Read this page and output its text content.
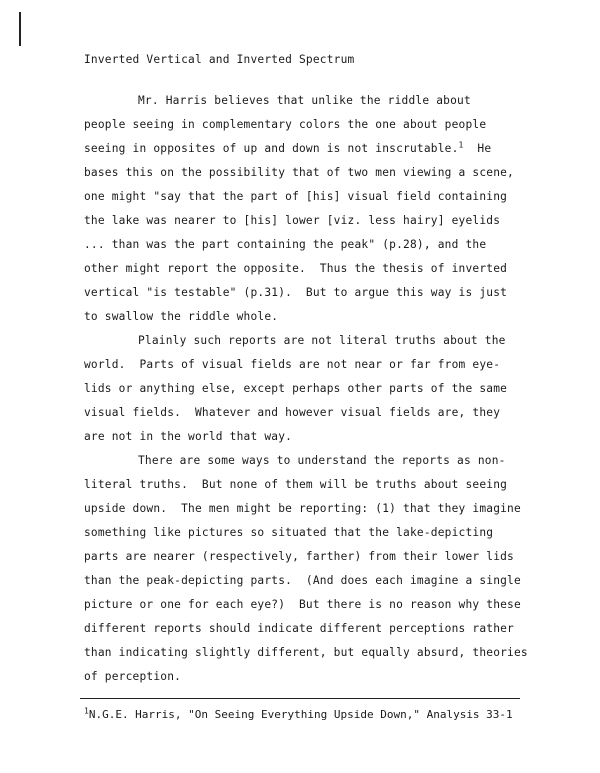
Inverted Vertical and Inverted Spectrum
Mr. Harris believes that unlike the riddle about
people seeing in complementary colors the one about people
seeing in opposites of up and down is not inscrutable.$^1$ He
bases this on the possibility that of two men viewing a scene,
one might "say that the part of [his] visual field containing
the lake was nearer to [his] lower [viz. less hairy] eyelids
... than was the part containing the peak" (p.28), and the
other might report the opposite.  Thus the thesis of inverted
vertical "is testable" (p.31).  But to argue this way is just
to swallow the riddle whole.
Plainly such reports are not literal truths about the
world.  Parts of visual fields are not near or far from eye-
lids or anything else, except perhaps other parts of the same
visual fields.  Whatever and however visual fields are, they
are not in the world that way.
There are some ways to understand the reports as non-
literal truths.  But none of them will be truths about seeing
upside down.  The men might be reporting: (1) that they imagine
something like pictures so situated that the lake-depicting
parts are nearer (respectively, farther) from their lower lids
than the peak-depicting parts.  (And does each imagine a single
picture or one for each eye?)  But there is no reason why these
different reports should indicate different perceptions rather
than indicating slightly different, but equally absurd, theories
of perception.
$^1$N.G.E. Harris, "On Seeing Everything Upside Down," Analysis 33-1
